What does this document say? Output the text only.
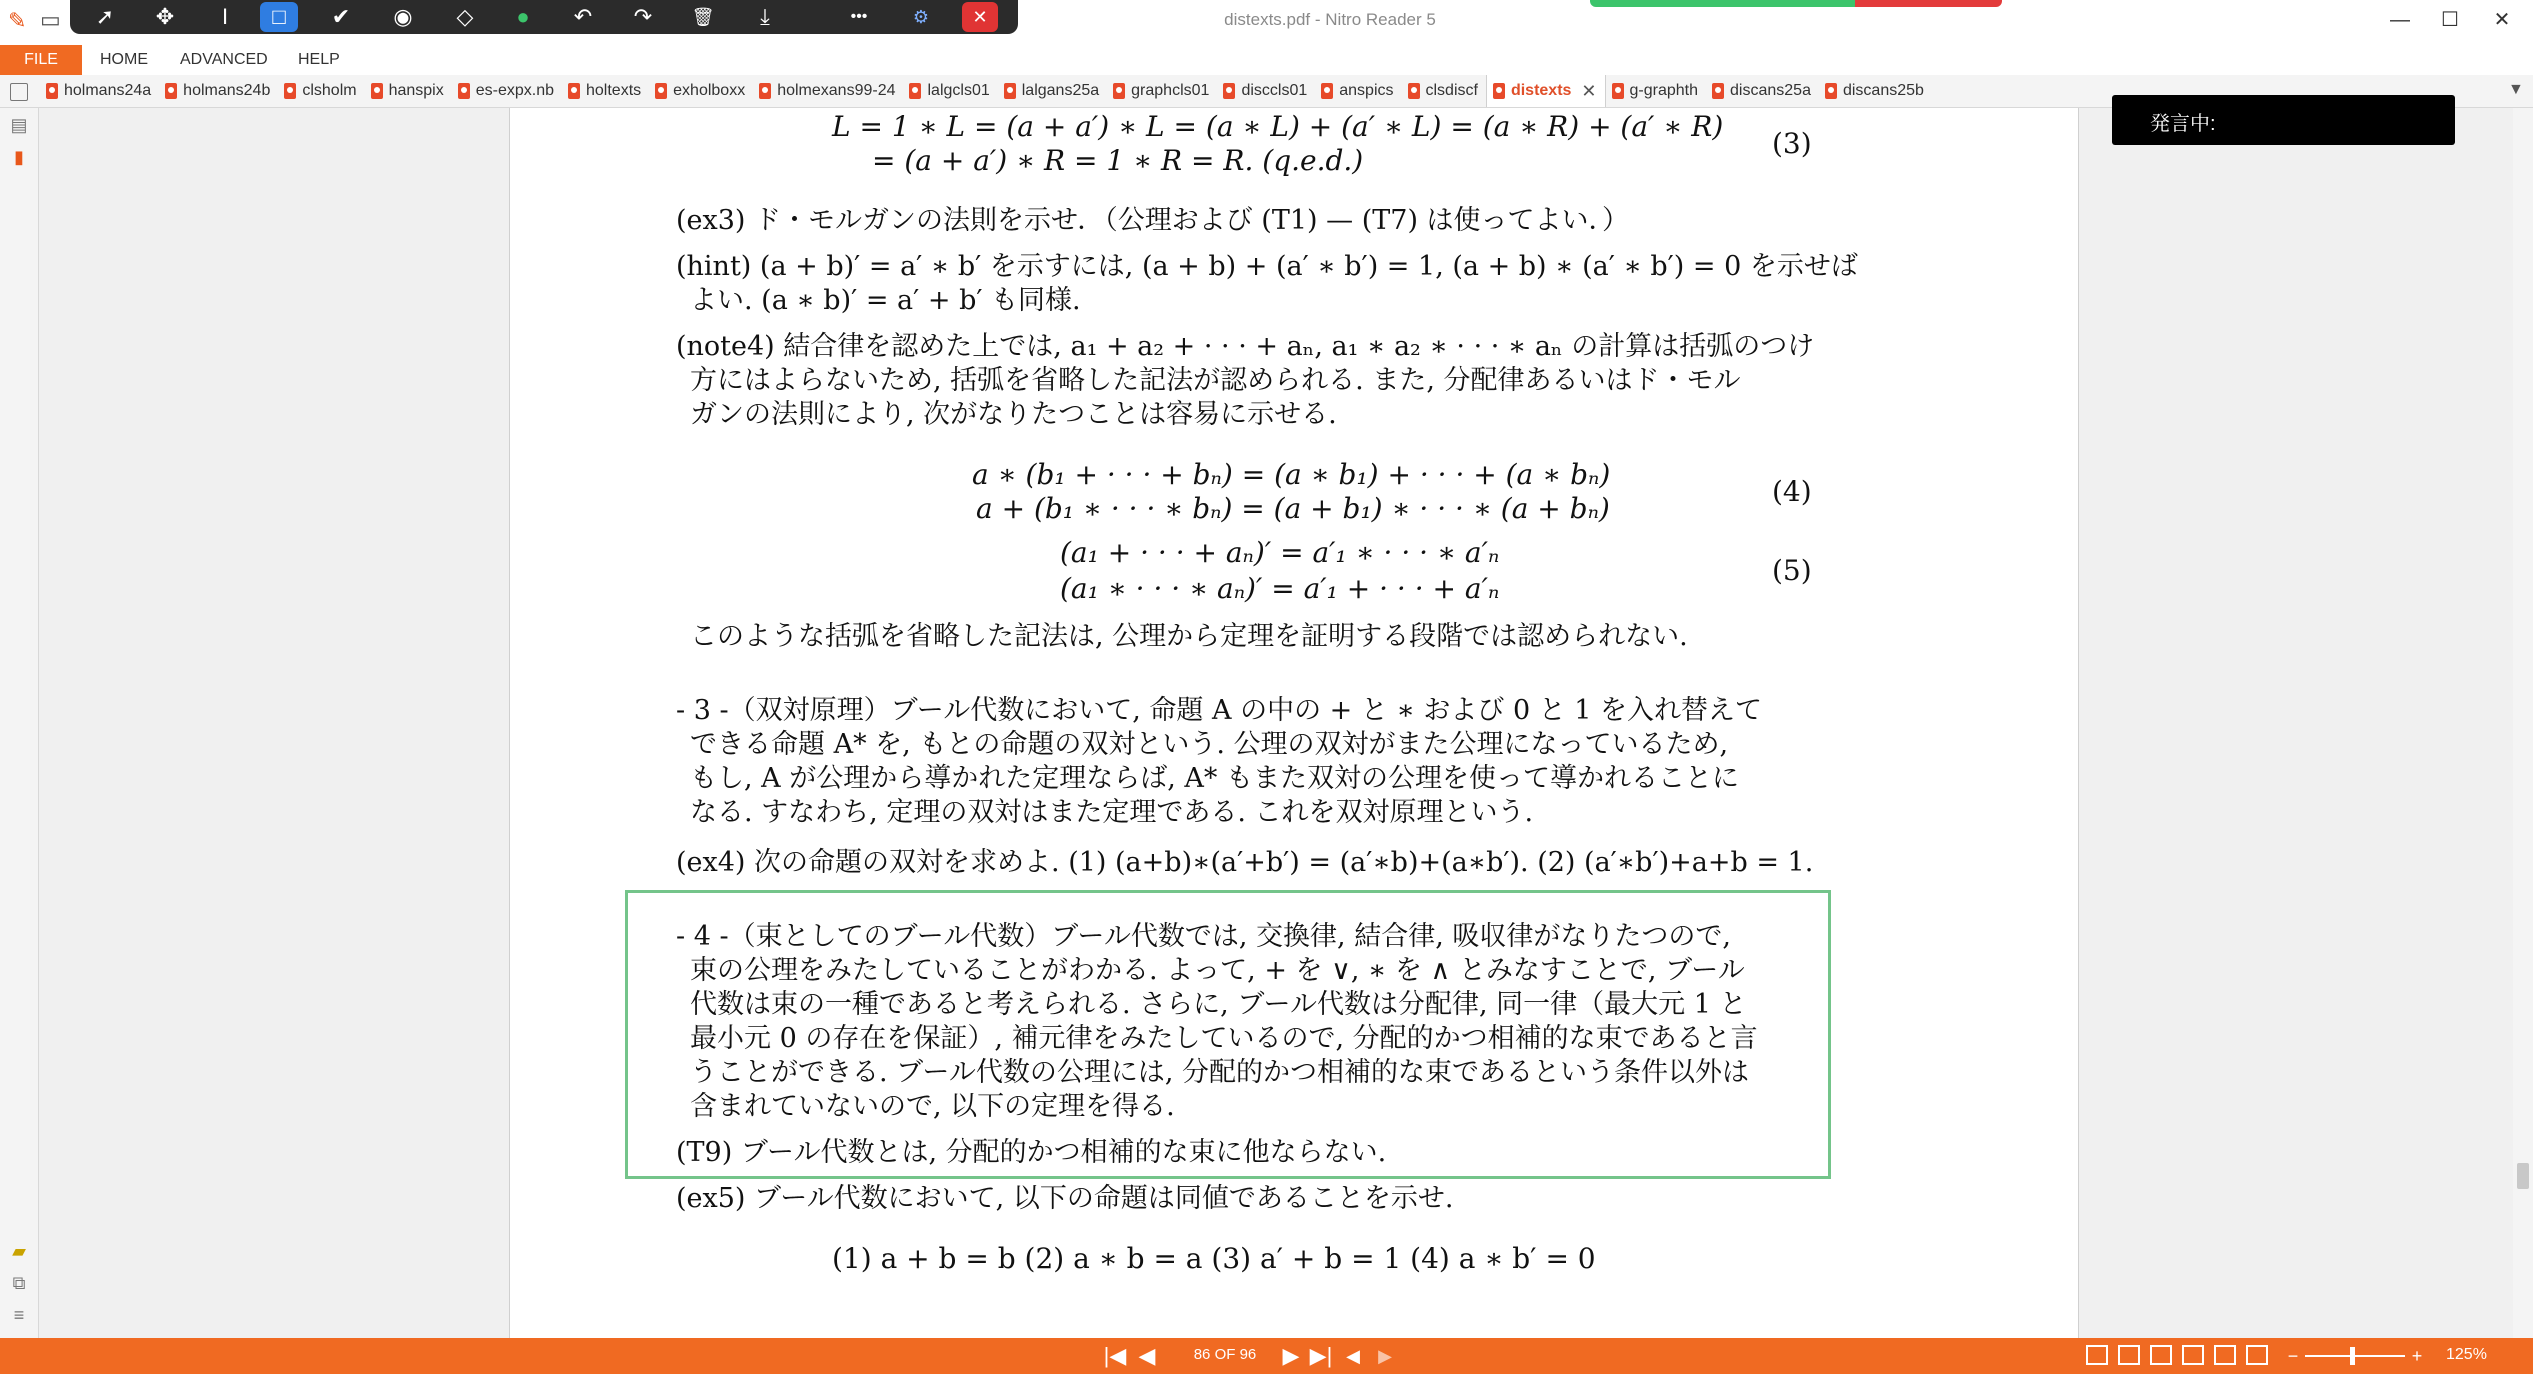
✎ ▭	➚	✥	I	□	✔	◉	◇	●	↶	↷	🗑	⤓	•••	⚙	✕	distexts.pdf - Nitro Reader 5	—	☐	✕
FILE	HOME ADVANCED HELP
holmans24a holmans24b clsholm hanspix es-expx.nb holtexts exholboxx holmexans99-24 lalgcls01 lalgans25a graphcls01 disccls01 anspics clsdiscf distexts ✕ g-graphth discans25a discans25b	▼
▤
▮
▰
⧉
≡
L = 1 ∗ L = (a + a′) ∗ L = (a ∗ L) + (a′ ∗ L) = (a ∗ R) + (a′ ∗ R)
= (a + a′) ∗ R = 1 ∗ R = R. (q.e.d.)
(3)
(ex3) ド・モルガンの法則を示せ．（公理および (T1) — (T7) は使ってよい．）
(hint) (a + b)′ = a′ ∗ b′ を示すには, (a + b) + (a′ ∗ b′) = 1, (a + b) ∗ (a′ ∗ b′) = 0 を示せば
よい. (a ∗ b)′ = a′ + b′ も同様.
(note4) 結合律を認めた上では, a₁ + a₂ + · · · + aₙ, a₁ ∗ a₂ ∗ · · · ∗ aₙ の計算は括弧のつけ
方にはよらないため, 括弧を省略した記法が認められる. また, 分配律あるいはド・モル
ガンの法則により, 次がなりたつことは容易に示せる.
a ∗ (b₁ + · · · + bₙ) = (a ∗ b₁) + · · · + (a ∗ bₙ)
a + (b₁ ∗ · · · ∗ bₙ) = (a + b₁) ∗ · · · ∗ (a + bₙ)
(4)
(a₁ + · · · + aₙ)′ = a′₁ ∗ · · · ∗ a′ₙ
(a₁ ∗ · · · ∗ aₙ)′ = a′₁ + · · · + a′ₙ
(5)
このような括弧を省略した記法は, 公理から定理を証明する段階では認められない.
- 3 -（双対原理）ブール代数において, 命題 A の中の + と ∗ および 0 と 1 を入れ替えて
できる命題 A* を, もとの命題の双対という. 公理の双対がまた公理になっているため,
もし, A が公理から導かれた定理ならば, A* もまた双対の公理を使って導かれることに
なる. すなわち, 定理の双対はまた定理である. これを双対原理という.
(ex4) 次の命題の双対を求めよ. (1) (a+b)∗(a′+b′) = (a′∗b)+(a∗b′). (2) (a′∗b′)+a+b = 1.
- 4 -（束としてのブール代数）ブール代数では, 交換律, 結合律, 吸収律がなりたつので,
束の公理をみたしていることがわかる. よって, + を ∨, ∗ を ∧ とみなすことで, ブール
代数は束の一種であると考えられる. さらに, ブール代数は分配律, 同一律（最大元 1 と
最小元 0 の存在を保証）, 補元律をみたしているので, 分配的かつ相補的な束であると言
うことができる. ブール代数の公理には, 分配的かつ相補的な束であるという条件以外は
含まれていないので, 以下の定理を得る.
(T9) ブール代数とは, 分配的かつ相補的な束に他ならない.
(ex5) ブール代数において, 以下の命題は同値であることを示せ.
(1) a + b = b (2) a ∗ b = a (3) a′ + b = 1 (4) a ∗ b′ = 0
発言中:
|◀ ◀	86 OF 96	▶ ▶| ◀	▶	−	+ 125%
